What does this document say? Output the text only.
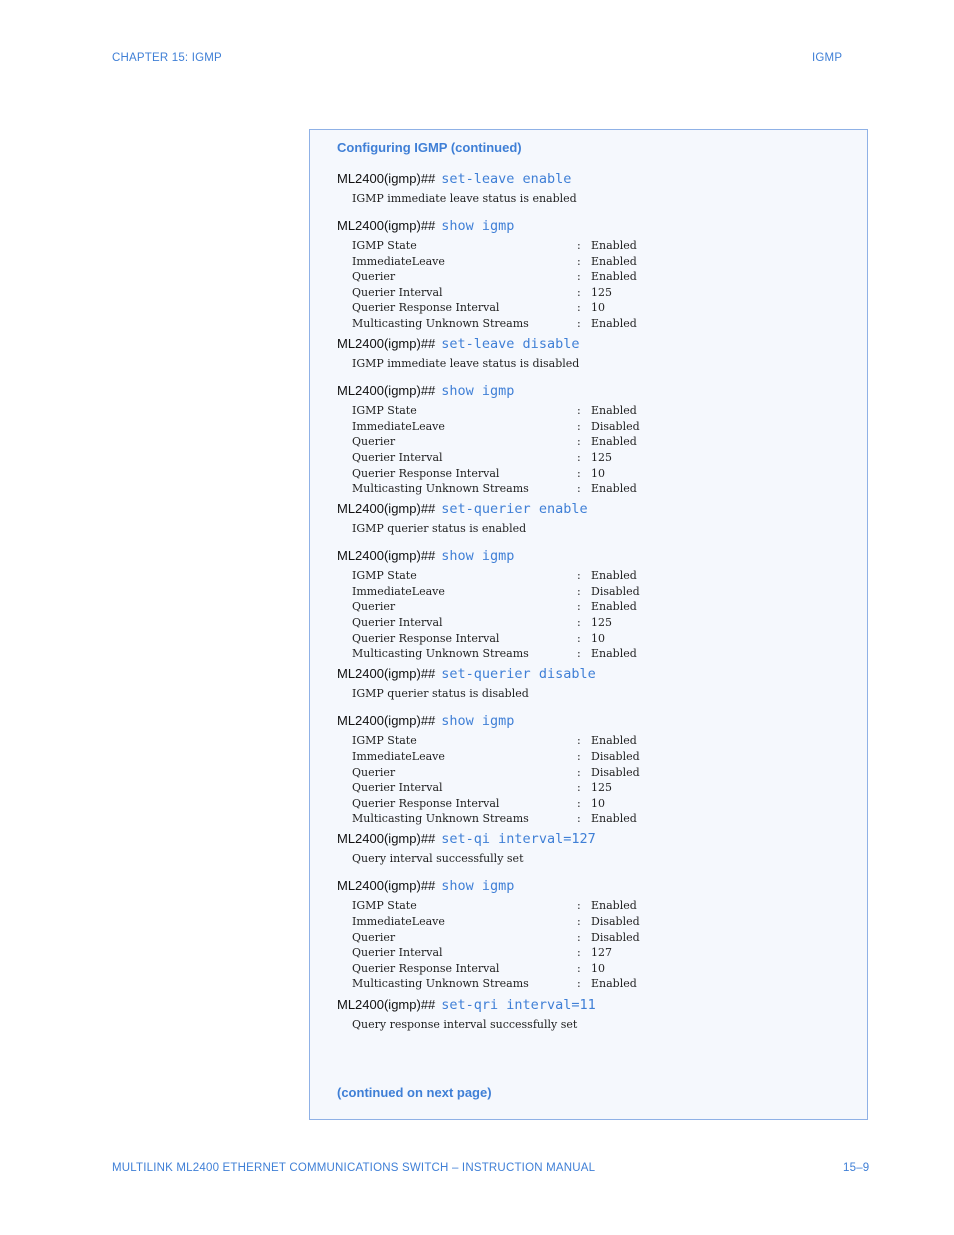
CHAPTER 15: IGMP	IGMP
Configuring IGMP (continued)
(continued on next page)
ML2400(igmp)## set-leave enable
IGMP immediate leave status is enabled
ML2400(igmp)## show igmp
IGMP State	: Enabled
ImmediateLeave	: Enabled
Querier	: Enabled
Querier Interval	: 125
Querier Response Interval	: 10
Multicasting Unknown Streams	: Enabled
ML2400(igmp)## set-leave disable
IGMP immediate leave status is disabled
ML2400(igmp)## show igmp
IGMP State	: Enabled
ImmediateLeave	: Disabled
Querier	: Enabled
Querier Interval	: 125
Querier Response Interval	: 10
Multicasting Unknown Streams	: Enabled
ML2400(igmp)## set-querier enable
IGMP querier status is enabled
ML2400(igmp)## show igmp
IGMP State	: Enabled
ImmediateLeave	: Disabled
Querier	: Enabled
Querier Interval	: 125
Querier Response Interval	: 10
Multicasting Unknown Streams	: Enabled
ML2400(igmp)## set-querier disable
IGMP querier status is disabled
ML2400(igmp)## show igmp
IGMP State	: Enabled
ImmediateLeave	: Disabled
Querier	: Disabled
Querier Interval	: 125
Querier Response Interval	: 10
Multicasting Unknown Streams	: Enabled
ML2400(igmp)## set-qi interval=127
Query interval successfully set
ML2400(igmp)## show igmp
IGMP State	: Enabled
ImmediateLeave	: Disabled
Querier	: Disabled
Querier Interval	: 127
Querier Response Interval	: 10
Multicasting Unknown Streams	: Enabled
ML2400(igmp)## set-qri interval=11
Query response interval successfully set
MULTILINK ML2400 ETHERNET COMMUNICATIONS SWITCH – INSTRUCTION MANUAL	15–9
